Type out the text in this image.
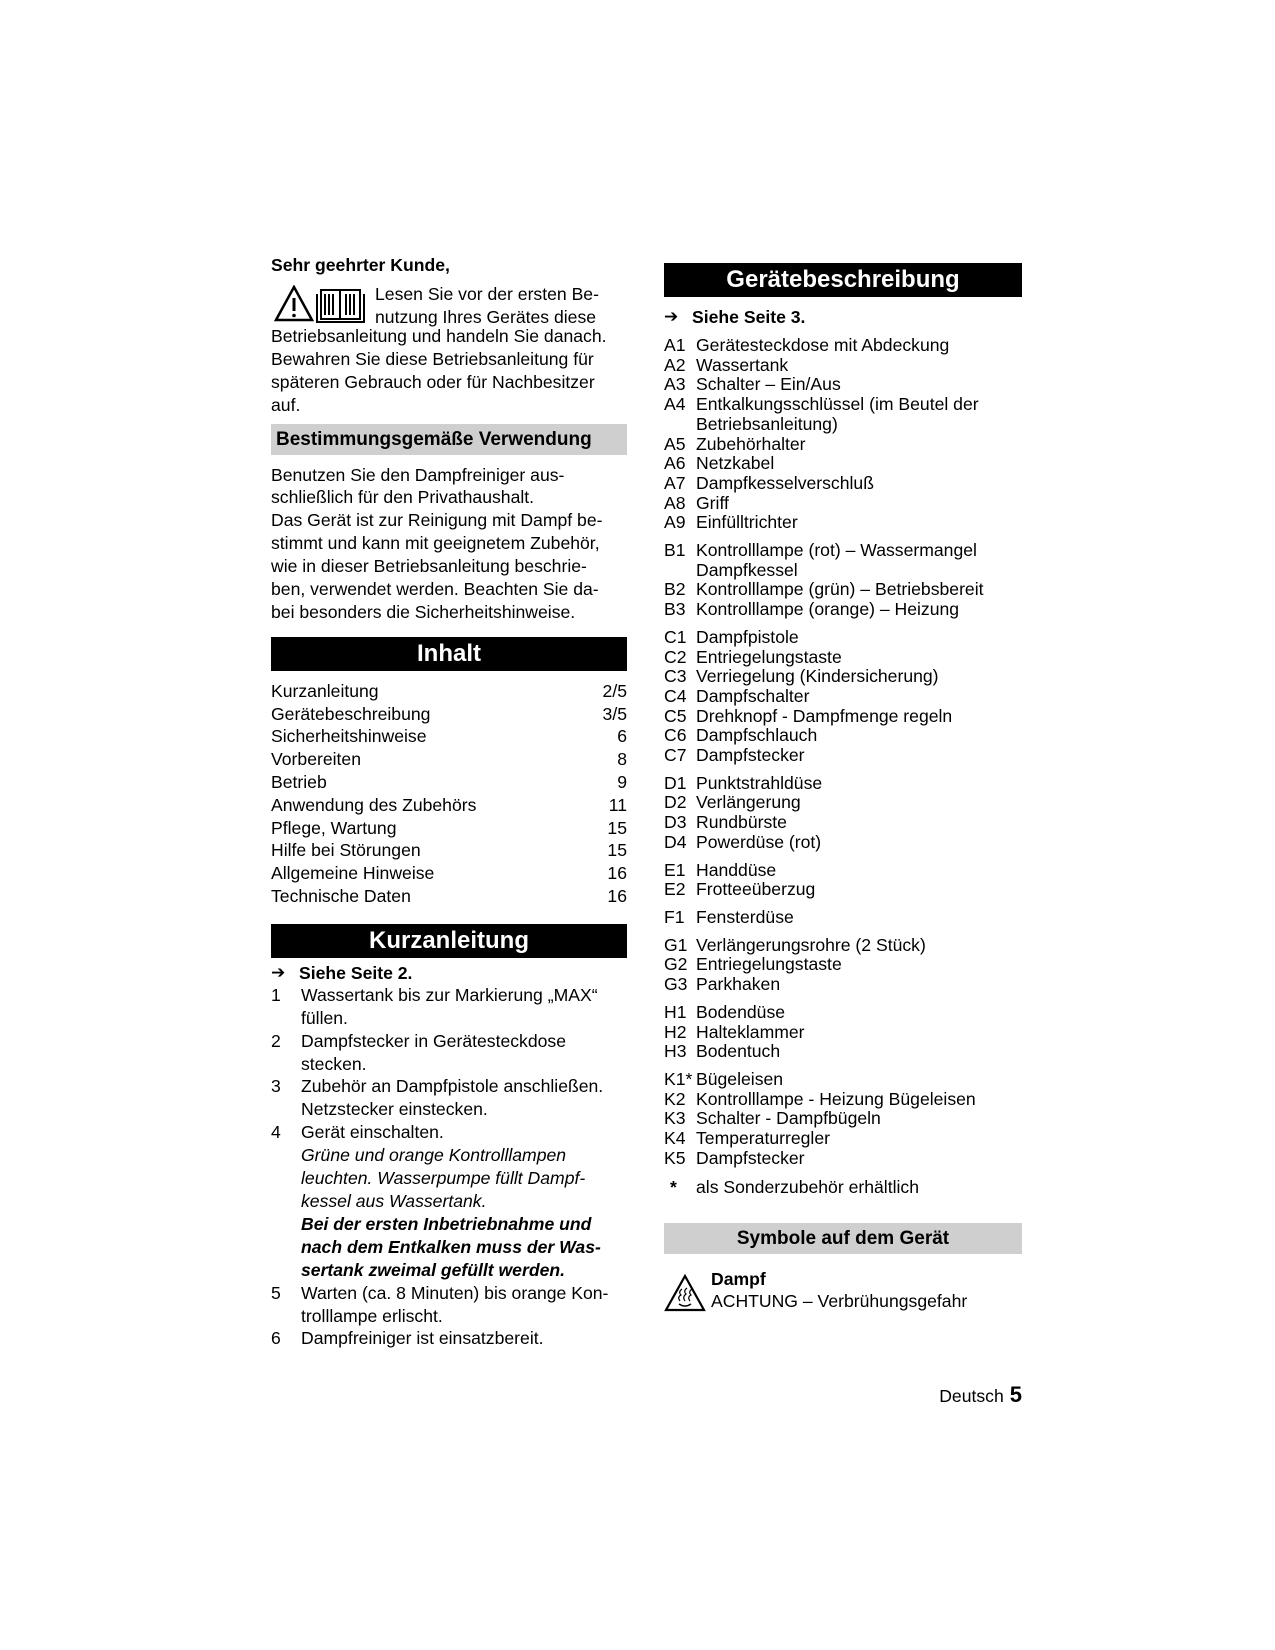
Sehr geehrter Kunde,
Lesen Sie vor der ersten Be-
nutzung Ihres Gerätes diese
Betriebsanleitung und handeln Sie danach.
Bewahren Sie diese Betriebsanleitung für
späteren Gebrauch oder für Nachbesitzer
auf.
Bestimmungsgemäße Verwendung
Benutzen Sie den Dampfreiniger aus-
schließlich für den Privathaushalt.
Das Gerät ist zur Reinigung mit Dampf be-
stimmt und kann mit geeignetem Zubehör,
wie in dieser Betriebsanleitung beschrie-
ben, verwendet werden. Beachten Sie da-
bei besonders die Sicherheitshinweise.
Inhalt
Kurzanleitung	2/5
Gerätebeschreibung	3/5
Sicherheitshinweise	6
Vorbereiten	8
Betrieb	9
Anwendung des Zubehörs	11
Pflege, Wartung	15
Hilfe bei Störungen	15
Allgemeine Hinweise	16
Technische Daten	16
Kurzanleitung
➔ Siehe Seite 2.
1	Wassertank bis zur Markierung „MAX“
füllen.
2	Dampfstecker in Gerätesteckdose
stecken.
3	Zubehör an Dampfpistole anschließen.
Netzstecker einstecken.
4	Gerät einschalten.
Grüne und orange Kontrolllampen
leuchten. Wasserpumpe füllt Dampf-
kessel aus Wassertank.
Bei der ersten Inbetriebnahme und
nach dem Entkalken muss der Was-
sertank zweimal gefüllt werden.
5	Warten (ca. 8 Minuten) bis orange Kon-
trolllampe erlischt.
6	Dampfreiniger ist einsatzbereit.
Gerätebeschreibung
➔ Siehe Seite 3.
A1 Gerätesteckdose mit Abdeckung
A2 Wassertank
A3 Schalter – Ein/Aus
A4 Entkalkungsschlüssel (im Beutel der
Betriebsanleitung)
A5 Zubehörhalter
A6 Netzkabel
A7 Dampfkesselverschluß
A8 Griff
A9 Einfülltrichter
B1 Kontrolllampe (rot) – Wassermangel
Dampfkessel
B2 Kontrolllampe (grün) – Betriebsbereit
B3 Kontrolllampe (orange) – Heizung
C1 Dampfpistole
C2 Entriegelungstaste
C3 Verriegelung (Kindersicherung)
C4 Dampfschalter
C5 Drehknopf - Dampfmenge regeln
C6 Dampfschlauch
C7 Dampfstecker
D1 Punktstrahldüse
D2 Verlängerung
D3 Rundbürste
D4 Powerdüse (rot)
E1 Handdüse
E2 Frotteeüberzug
F1 Fensterdüse
G1 Verlängerungsrohre (2 Stück)
G2 Entriegelungstaste
G3 Parkhaken
H1 Bodendüse
H2 Halteklammer
H3 Bodentuch
K1* Bügeleisen
K2 Kontrolllampe - Heizung Bügeleisen
K3 Schalter - Dampfbügeln
K4 Temperaturregler
K5 Dampfstecker
*	als Sonderzubehör erhältlich
Symbole auf dem Gerät
Dampf
ACHTUNG – Verbrühungsgefahr
Deutsch 5
